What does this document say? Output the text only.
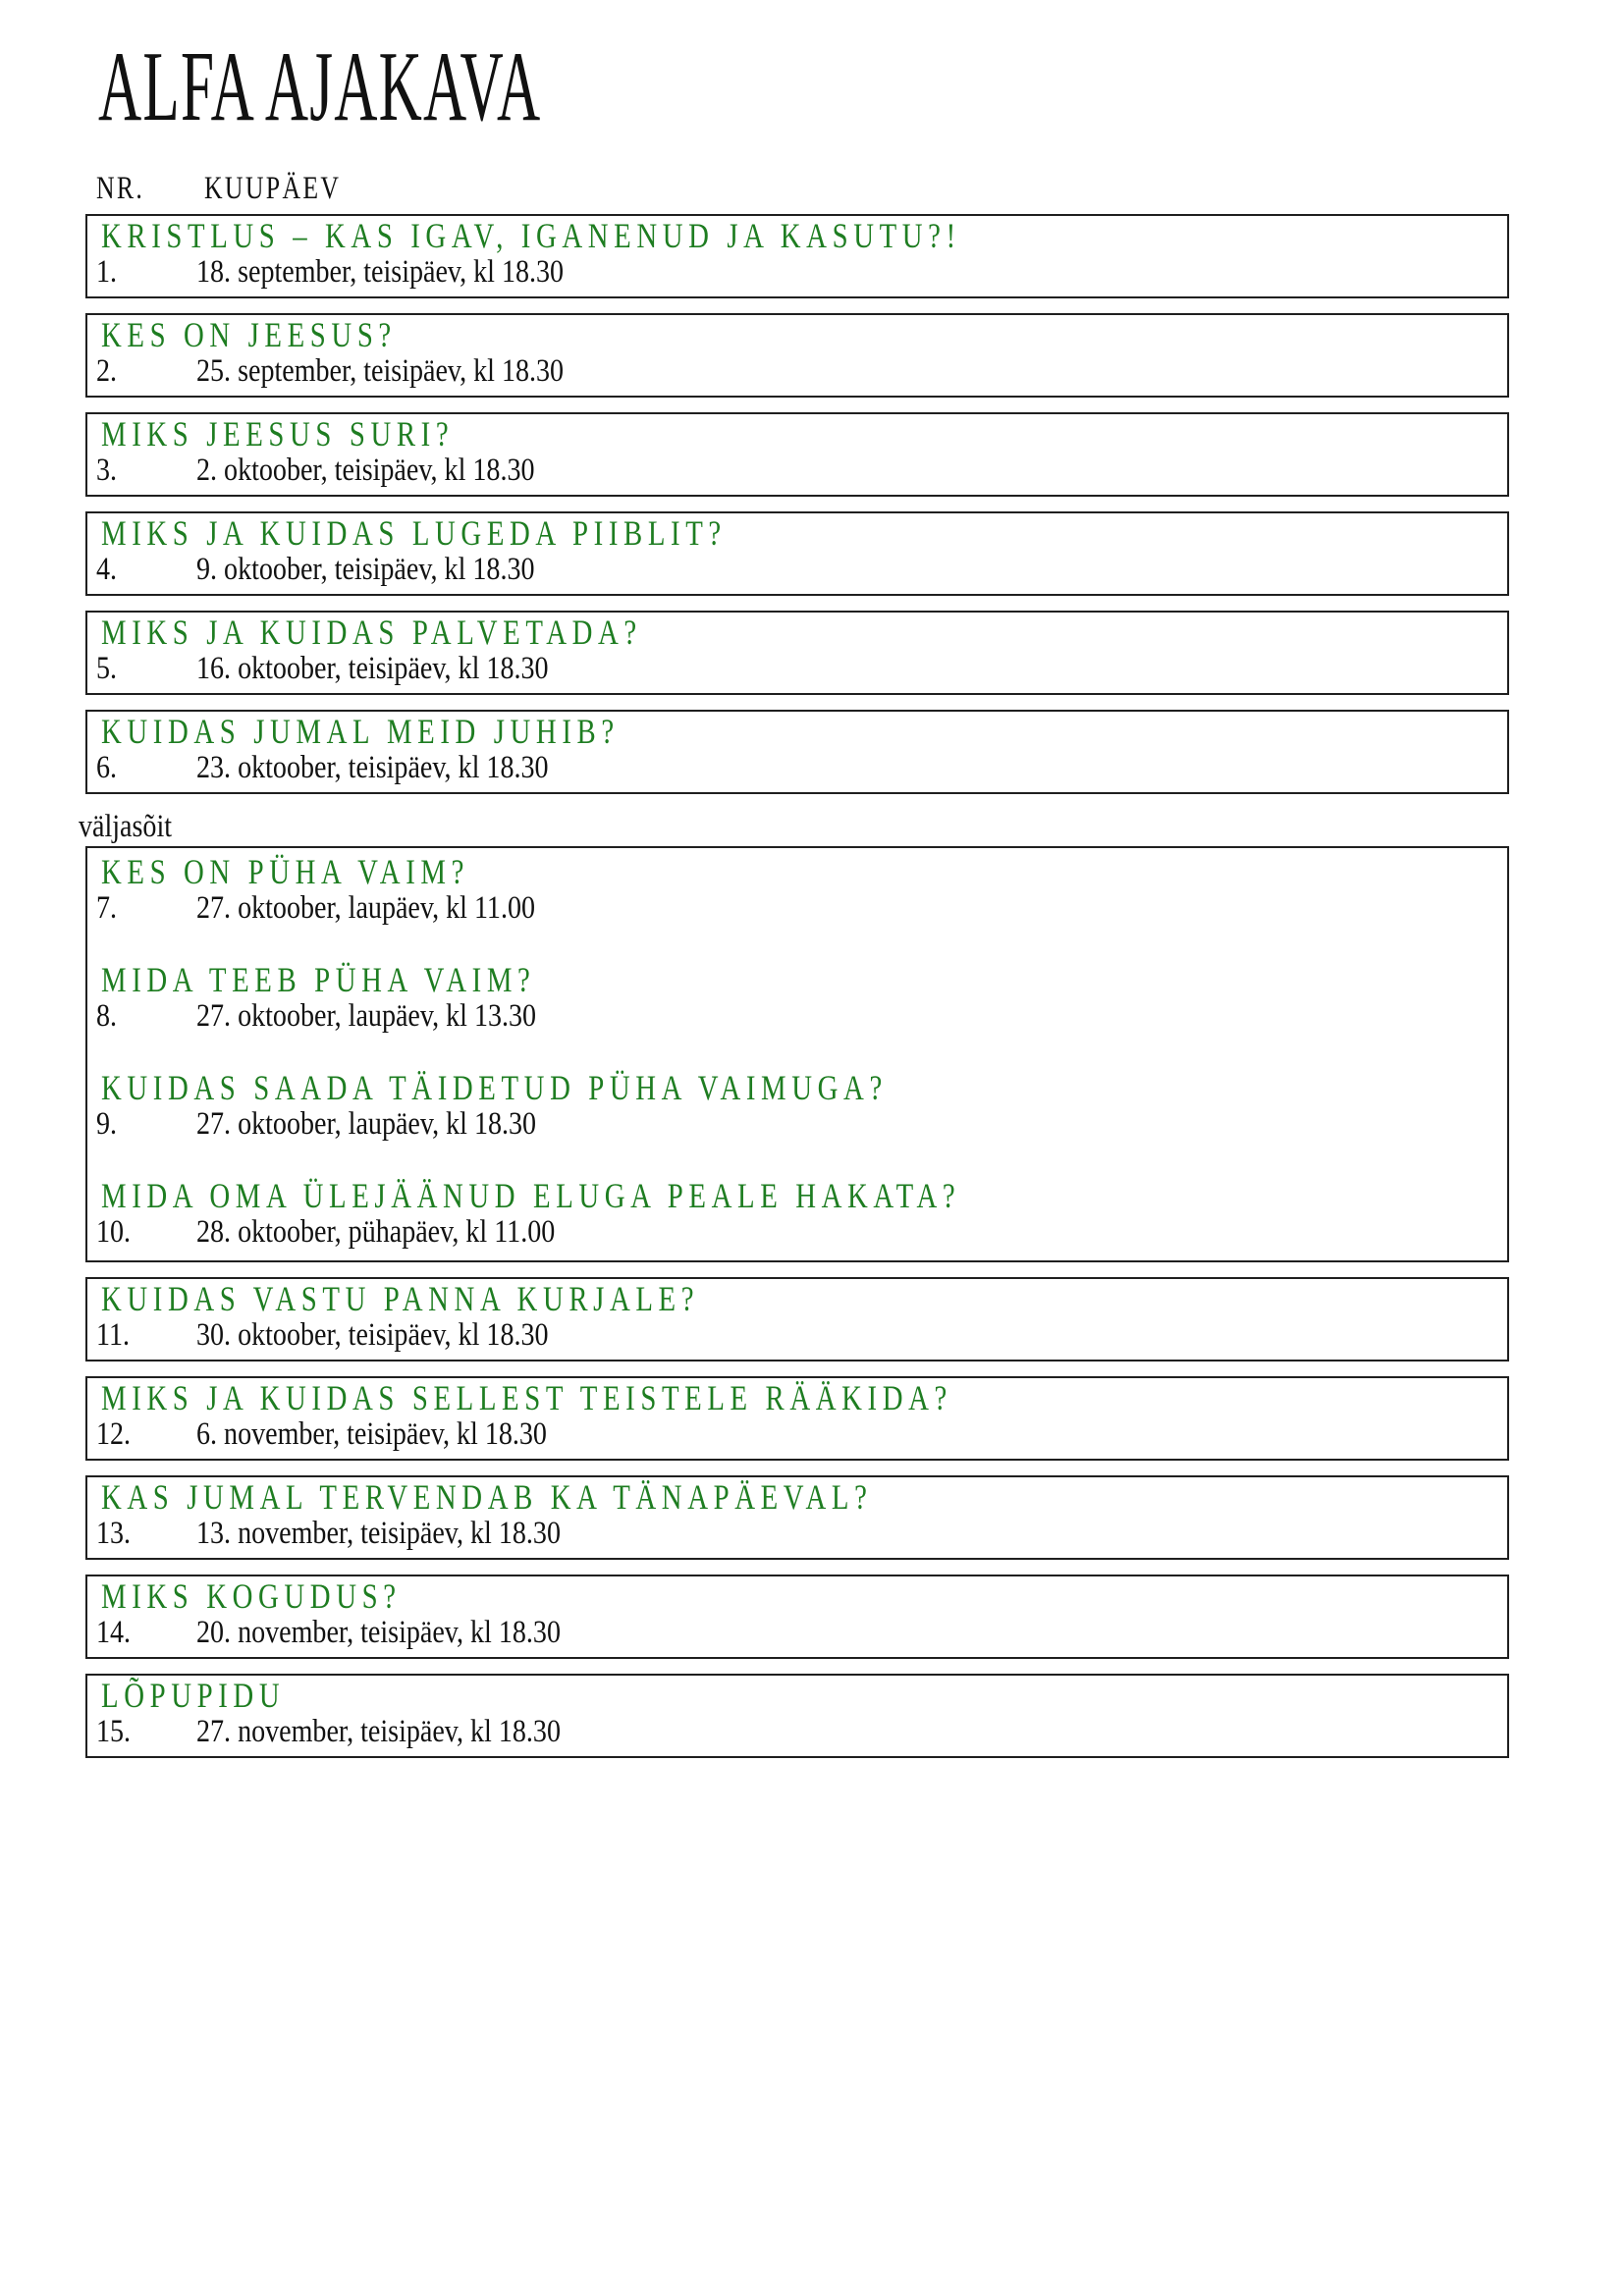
ALFA AJAKAVA
NR. KUUPÄEV
KRISTLUS – KAS IGAV, IGANENUD JA KASUTU?!
1. 18. september, teisipäev, kl 18.30
KES ON JEESUS?
2. 25. september, teisipäev, kl 18.30
MIKS JEESUS SURI?
3. 2. oktoober, teisipäev, kl 18.30
MIKS JA KUIDAS LUGEDA PIIBLIT?
4. 9. oktoober, teisipäev, kl 18.30
MIKS JA KUIDAS PALVETADA?
5. 16. oktoober, teisipäev, kl 18.30
KUIDAS JUMAL MEID JUHIB?
6. 23. oktoober, teisipäev, kl 18.30
väljasõit
KES ON PÜHA VAIM?
7. 27. oktoober, laupäev, kl 11.00
MIDA TEEB PÜHA VAIM?
8. 27. oktoober, laupäev, kl 13.30
KUIDAS SAADA TÄIDETUD PÜHA VAIMUGA?
9. 27. oktoober, laupäev, kl 18.30
MIDA OMA ÜLEJÄÄNUD ELUGA PEALE HAKATA?
10. 28. oktoober, pühapäev, kl 11.00
KUIDAS VASTU PANNA KURJALE?
11. 30. oktoober, teisipäev, kl 18.30
MIKS JA KUIDAS SELLEST TEISTELE RÄÄKIDA?
12. 6. november, teisipäev, kl 18.30
KAS JUMAL TERVENDAB KA TÄNAPÄEVAL?
13. 13. november, teisipäev, kl 18.30
MIKS KOGUDUS?
14. 20. november, teisipäev, kl 18.30
LÕPUPIDU
15. 27. november, teisipäev, kl 18.30
